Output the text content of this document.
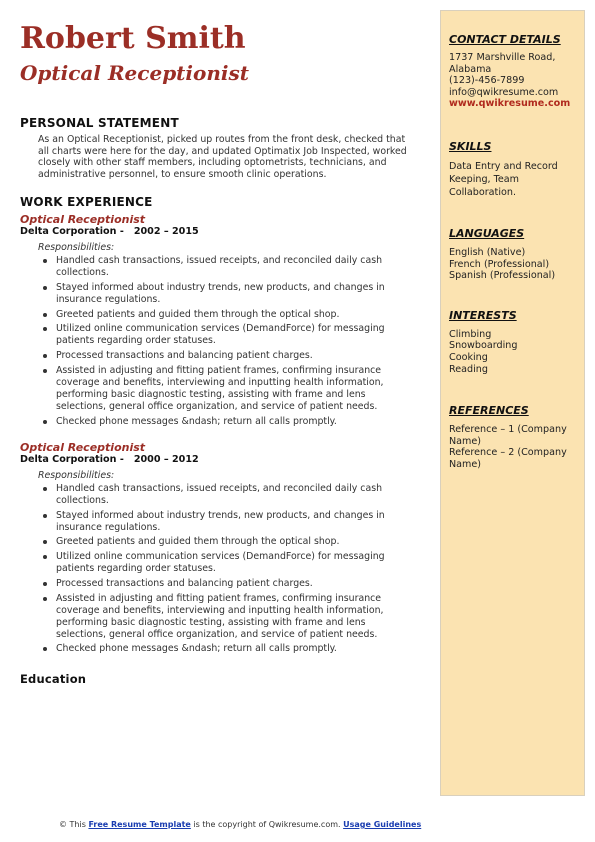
Robert Smith
Optical Receptionist
PERSONAL STATEMENT
As an Optical Receptionist, picked up routes from the front desk, checked that all charts were here for the day, and updated Optimatix Job Inspected, worked closely with other staff members, including optometrists, technicians, and administrative personnel, to ensure smooth clinic operations.
WORK EXPERIENCE
Optical Receptionist
Delta Corporation -   2002 – 2015
Responsibilities:
Handled cash transactions, issued receipts, and reconciled daily cash collections.
Stayed informed about industry trends, new products, and changes in insurance regulations.
Greeted patients and guided them through the optical shop.
Utilized online communication services (DemandForce) for messaging patients regarding order statuses.
Processed transactions and balancing patient charges.
Assisted in adjusting and fitting patient frames, confirming insurance coverage and benefits, interviewing and inputting health information, performing basic diagnostic testing, assisting with frame and lens selections, general office organization, and service of patient needs.
Checked phone messages &ndash; return all calls promptly.
Optical Receptionist
Delta Corporation -   2000 – 2012
Responsibilities:
Handled cash transactions, issued receipts, and reconciled daily cash collections.
Stayed informed about industry trends, new products, and changes in insurance regulations.
Greeted patients and guided them through the optical shop.
Utilized online communication services (DemandForce) for messaging patients regarding order statuses.
Processed transactions and balancing patient charges.
Assisted in adjusting and fitting patient frames, confirming insurance coverage and benefits, interviewing and inputting health information, performing basic diagnostic testing, assisting with frame and lens selections, general office organization, and service of patient needs.
Checked phone messages &ndash; return all calls promptly.
Education
CONTACT DETAILS
1737 Marshville Road, Alabama
(123)-456-7899
info@qwikresume.com
www.qwikresume.com
SKILLS
Data Entry and Record Keeping, Team Collaboration.
LANGUAGES
English (Native)
French (Professional)
Spanish (Professional)
INTERESTS
Climbing
Snowboarding
Cooking
Reading
REFERENCES
Reference – 1 (Company Name)
Reference – 2 (Company Name)
© This Free Resume Template is the copyright of Qwikresume.com. Usage Guidelines
